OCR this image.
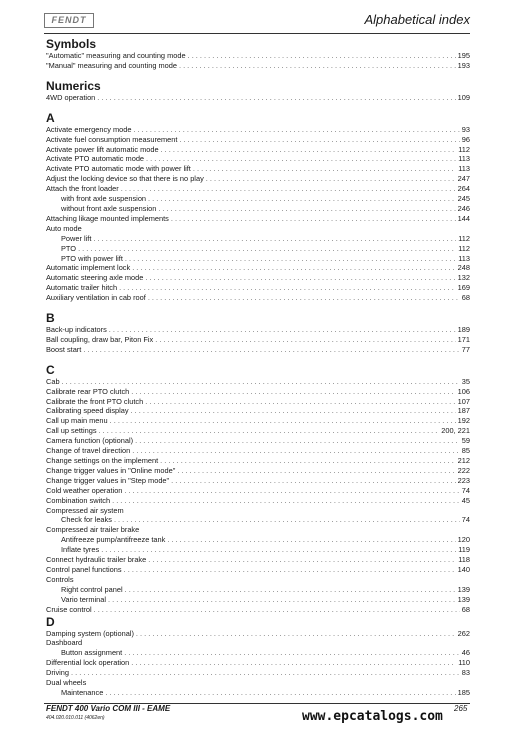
FENDT	Alphabetical index
Symbols
"Automatic" measuring and counting mode . . .	195
"Manual" measuring and counting mode . . .	193
Numerics
4WD operation . . .	109
A
Activate emergency mode . . .	93
Activate fuel consumption measurement . . .	96
Activate power lift automatic mode . . .	112
Activate PTO automatic mode . . .	113
Activate PTO automatic mode with power lift . . .	113
Adjust the locking device so that there is no play . . .	247
Attach the front loader . . .	264
with front axle suspension . . .	245
without front axle suspension . . .	246
Attaching likage mounted implements . . .	144
Auto mode
Power lift . . .	112
PTO . . .	112
PTO with power lift . . .	113
Automatic implement lock . . .	248
Automatic steering axle mode . . .	132
Automatic trailer hitch . . .	169
Auxiliary ventilation in cab roof . . .	68
B
Back-up indicators . . .	189
Ball coupling, draw bar, Piton Fix . . .	171
Boost start . . .	77
C
Cab . . .	35
Calibrate rear PTO clutch . . .	106
Calibrate the front PTO clutch . . .	107
Calibrating speed display . . .	187
Call up main menu . . .	192
Call up settings . . .	200, 221
Camera function (optional) . . .	59
Change of travel direction . . .	85
Change settings on the implement . . .	212
Change trigger values in "Online mode" . . .	222
Change trigger values in "Step mode" . . .	223
Cold weather operation . . .	74
Combination switch . . .	45
Compressed air system
Check for leaks . . .	74
Compressed air trailer brake
Antifreeze pump/antifreeze tank . . .	120
Inflate tyres . . .	119
Connect hydraulic trailer brake . . .	118
Control panel functions . . .	140
Controls
Right control panel . . .	139
Vario terminal . . .	139
Cruise control . . .	68
D
Damping system (optional) . . .	262
Dashboard
Button assignment . . .	46
Differential lock operation . . .	110
Driving . . .	83
Dual wheels
Maintenance . . .	185
FENDT 400 Vario COM III - EAME
404.020.010.011 (4062en)
265
www.epcatalogs.com
